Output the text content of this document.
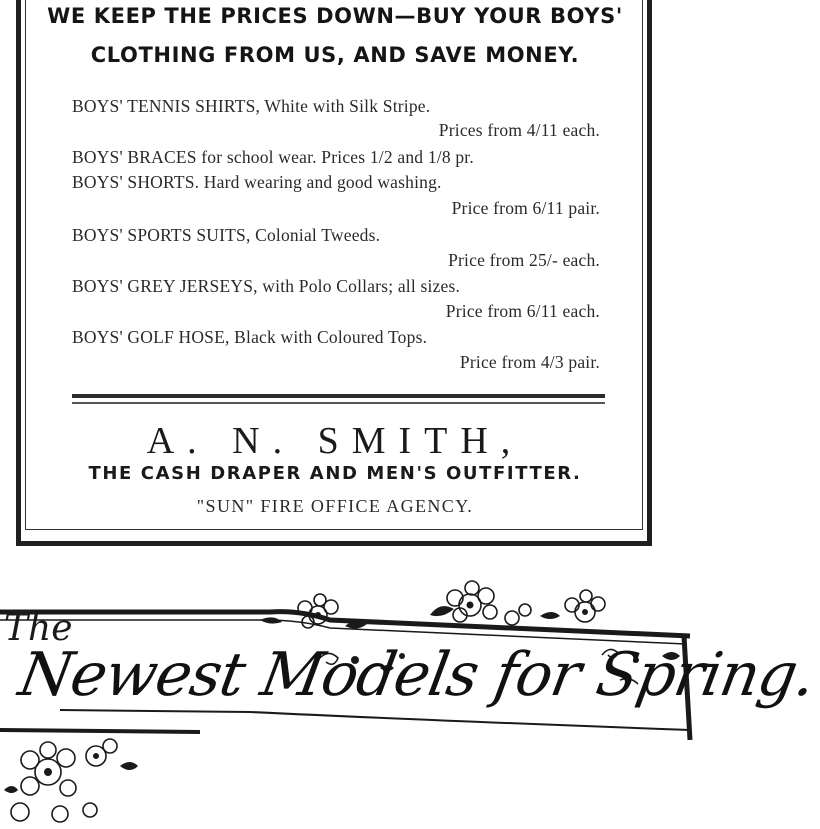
WE KEEP THE PRICES DOWN—BUY YOUR BOYS'
CLOTHING FROM US, AND SAVE MONEY.
BOYS' TENNIS SHIRTS, White with Silk Stripe.
Prices from 4/11 each.
BOYS' BRACES for school wear. Prices 1/2 and 1/8 pr.
BOYS' SHORTS. Hard wearing and good washing.
Price from 6/11 pair.
BOYS' SPORTS SUITS, Colonial Tweeds.
Price from 25/- each.
BOYS' GREY JERSEYS, with Polo Collars; all sizes.
Price from 6/11 each.
BOYS' GOLF HOSE, Black with Coloured Tops.
Price from 4/3 pair.
A. N. SMITH,
THE CASH DRAPER AND MEN'S OUTFITTER.
"SUN" FIRE OFFICE AGENCY.
The
Newest Models for Spring.
